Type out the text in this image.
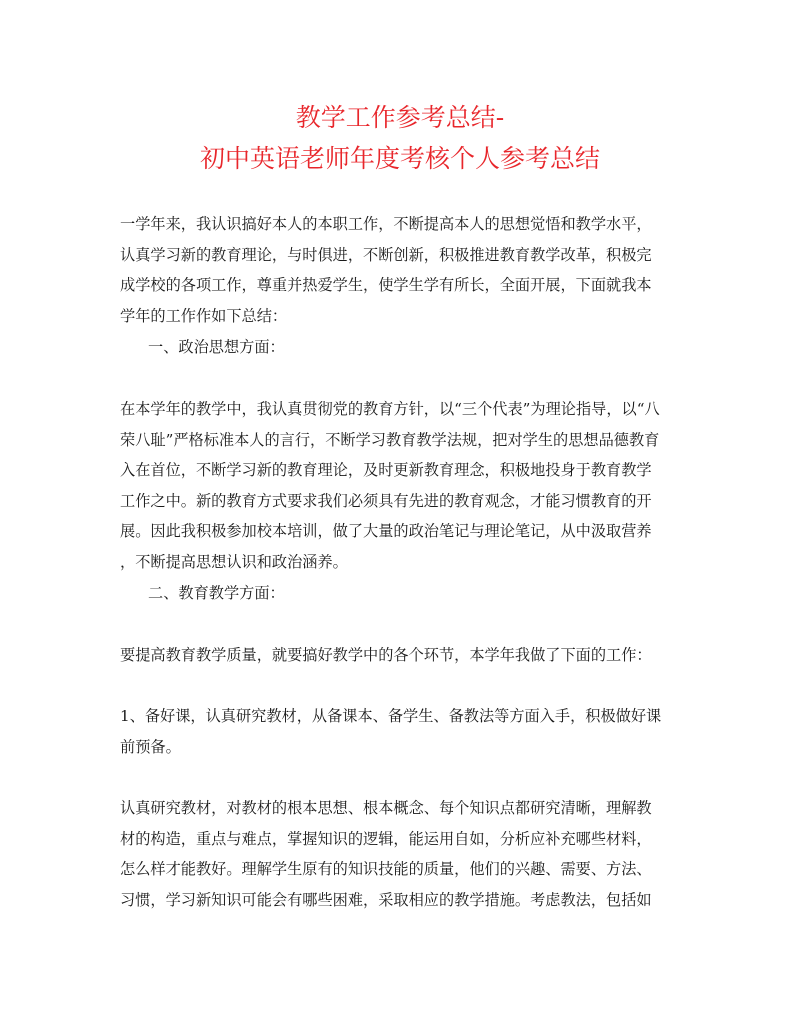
教学工作参考总结-
初中英语老师年度考核个人参考总结

一学年来，我认识搞好本人的本职工作，不断提高本人的思想觉悟和教学水平，
认真学习新的教育理论，与时俱进，不断创新，积极推进教育教学改革，积极完
成学校的各项工作，尊重并热爱学生，使学生学有所长，全面开展，下面就我本
学年的工作作如下总结：

一、政治思想方面：

在本学年的教学中，我认真贯彻党的教育方针，以“三个代表”为理论指导，以“八
荣八耻”严格标准本人的言行，不断学习教育教学法规，把对学生的思想品德教育
入在首位，不断学习新的教育理论，及时更新教育理念，积极地投身于教育教学
工作之中。新的教育方式要求我们必须具有先进的教育观念，才能习惯教育的开
展。因此我积极参加校本培训，做了大量的政治笔记与理论笔记，从中汲取营养
，不断提高思想认识和政治涵养。

二、教育教学方面：

要提高教育教学质量，就要搞好教学中的各个环节，本学年我做了下面的工作：

1、备好课，认真研究教材，从备课本、备学生、备教法等方面入手，积极做好课
前预备。

认真研究教材，对教材的根本思想、根本概念、每个知识点都研究清晰，理解教
材的构造，重点与难点，掌握知识的逻辑，能运用自如，分析应补充哪些材料，
怎么样才能教好。理解学生原有的知识技能的质量，他们的兴趣、需要、方法、
习惯，学习新知识可能会有哪些困难，采取相应的教学措施。考虑教法，包括如
